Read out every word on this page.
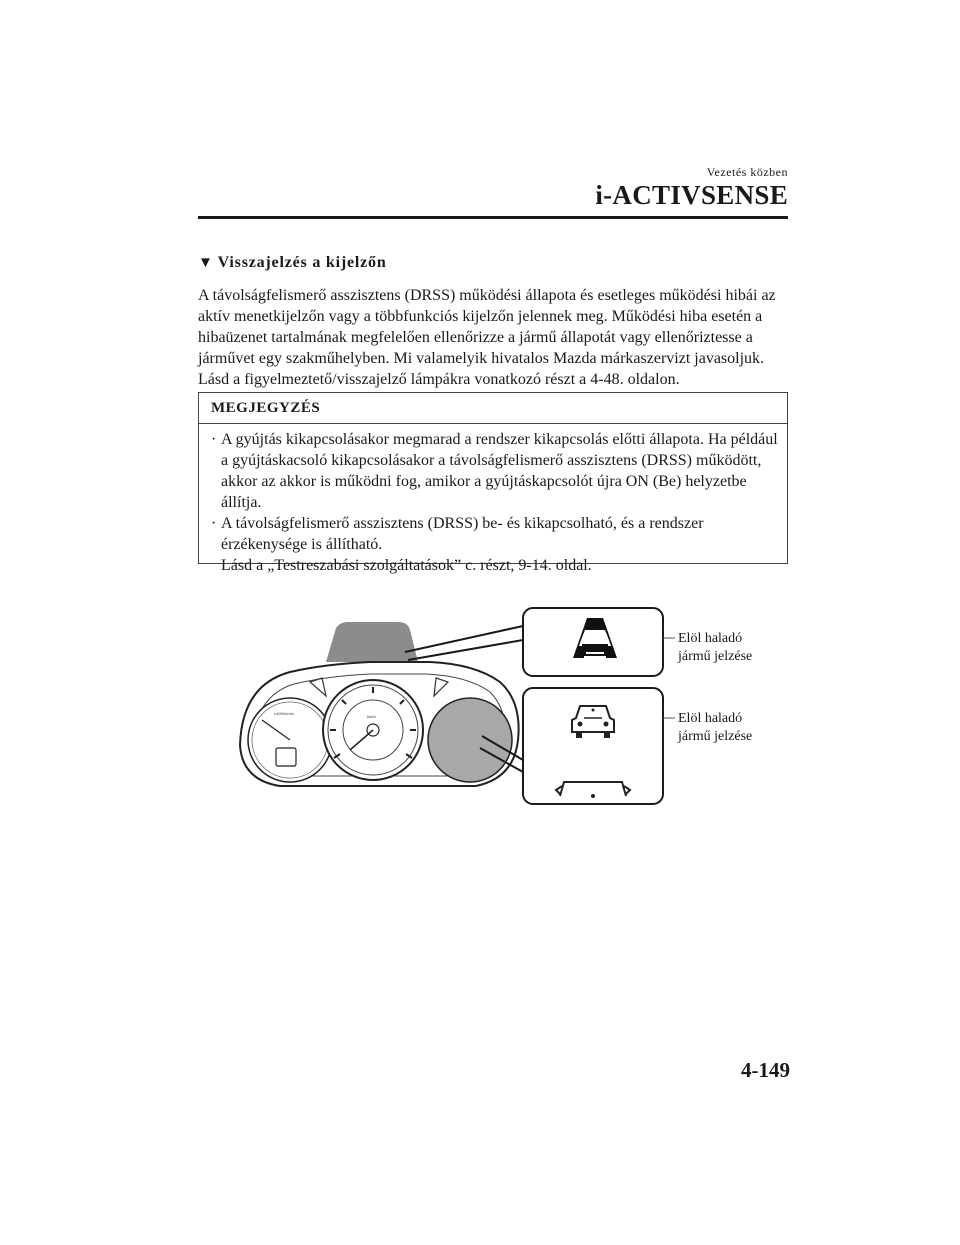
Vezetés közben
i-ACTIVSENSE
▼ Visszajelzés a kijelzőn
A távolságfelismerő asszisztens (DRSS) működési állapota és esetleges működési hibái az
aktív menetkijelzőn vagy a többfunkciós kijelzőn jelennek meg. Működési hiba esetén a
hibaüzenet tartalmának megfelelően ellenőrizze a jármű állapotát vagy ellenőriztesse a
járművet egy szakműhelyben. Mi valamelyik hivatalos Mazda márkaszervizt javasoljuk.
Lásd a figyelmeztető/visszajelző lámpákra vonatkozó részt a 4-48. oldalon.
MEGJEGYZÉS
· A gyújtás kikapcsolásakor megmarad a rendszer kikapcsolás előtti állapota. Ha például
a gyújtáskacsoló kikapcsolásakor a távolságfelismerő asszisztens (DRSS) működött,
akkor az akkor is működni fog, amikor a gyújtáskapcsolót újra ON (Be) helyzetbe
állítja.
· A távolságfelismerő asszisztens (DRSS) be- és kikapcsolható, és a rendszer
érzékenysége is állítható.
Lásd a „Testreszabási szolgáltatások” c. részt, 9-14. oldal.
x1000r/min
km/h
Elöl haladó
jármű jelzése
Elöl haladó
jármű jelzése
4-149
